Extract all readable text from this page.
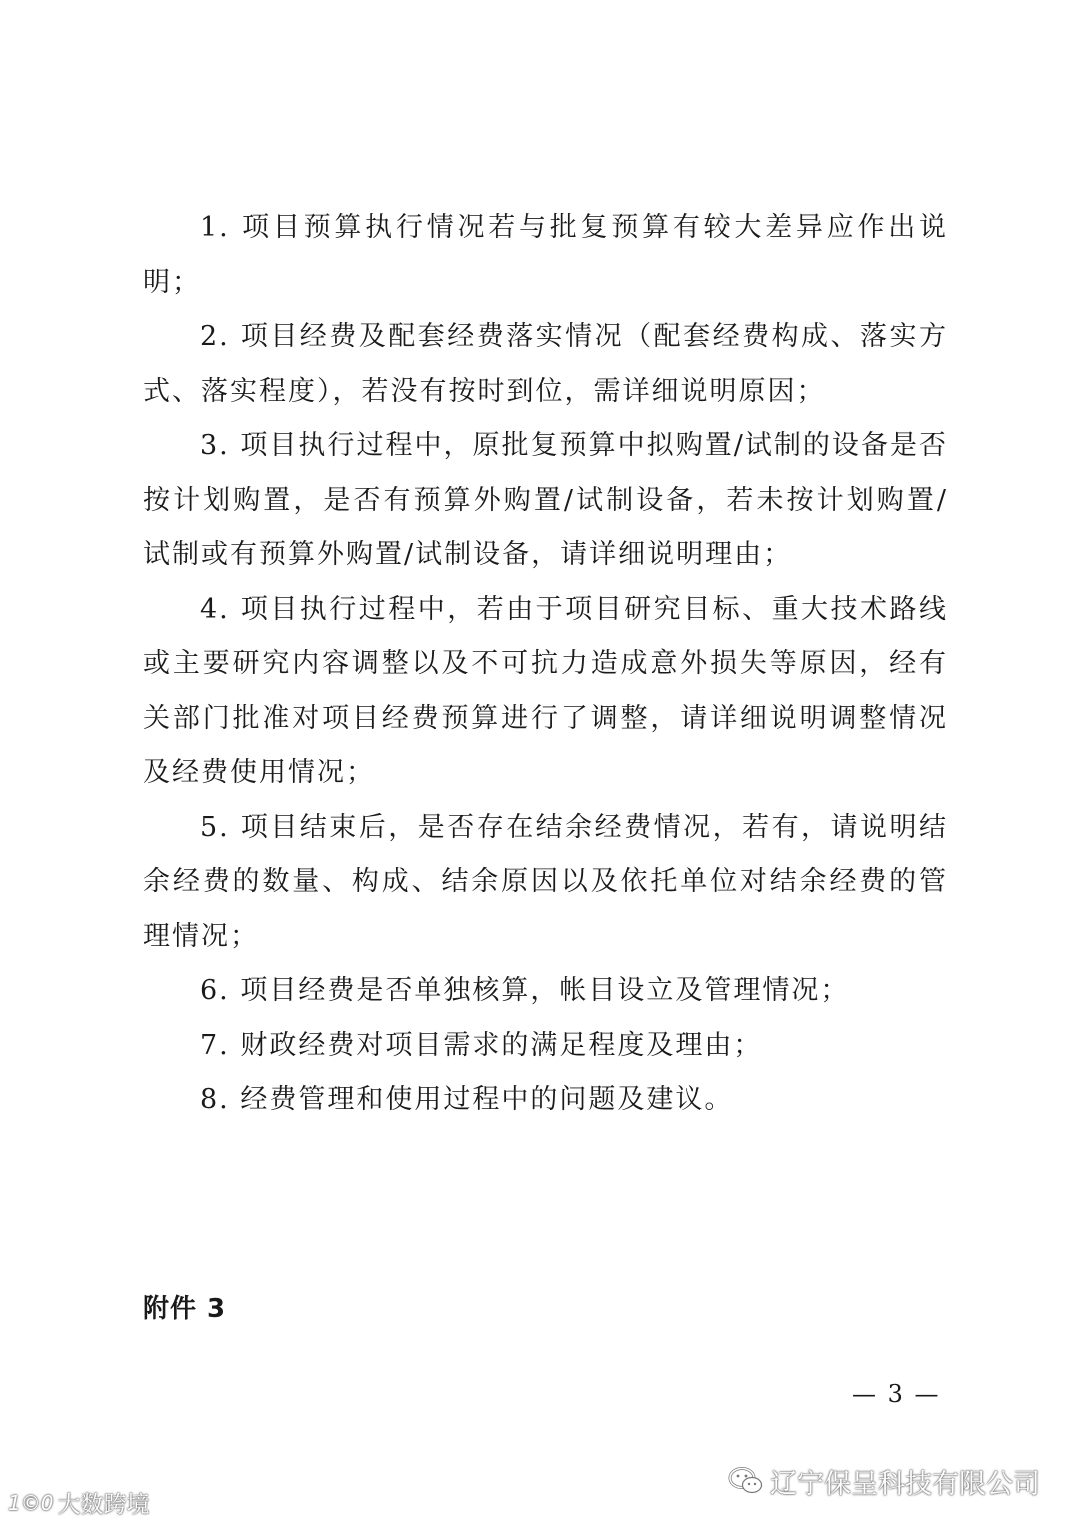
1. 项目预算执行情况若与批复预算有较大差异应作出说明；

2. 项目经费及配套经费落实情况（配套经费构成、落实方式、落实程度），若没有按时到位，需详细说明原因；

3. 项目执行过程中，原批复预算中拟购置/试制的设备是否按计划购置，是否有预算外购置/试制设备，若未按计划购置/试制或有预算外购置/试制设备，请详细说明理由；

4. 项目执行过程中，若由于项目研究目标、重大技术路线或主要研究内容调整以及不可抗力造成意外损失等原因，经有关部门批准对项目经费预算进行了调整，请详细说明调整情况及经费使用情况；

5. 项目结束后，是否存在结余经费情况，若有，请说明结余经费的数量、构成、结余原因以及依托单位对结余经费的管理情况；

6. 项目经费是否单独核算，帐目设立及管理情况；

7. 财政经费对项目需求的满足程度及理由；

8. 经费管理和使用过程中的问题及建议。

附件 3
— 3 —
1©0 大数跨境
辽宁保呈科技有限公司
